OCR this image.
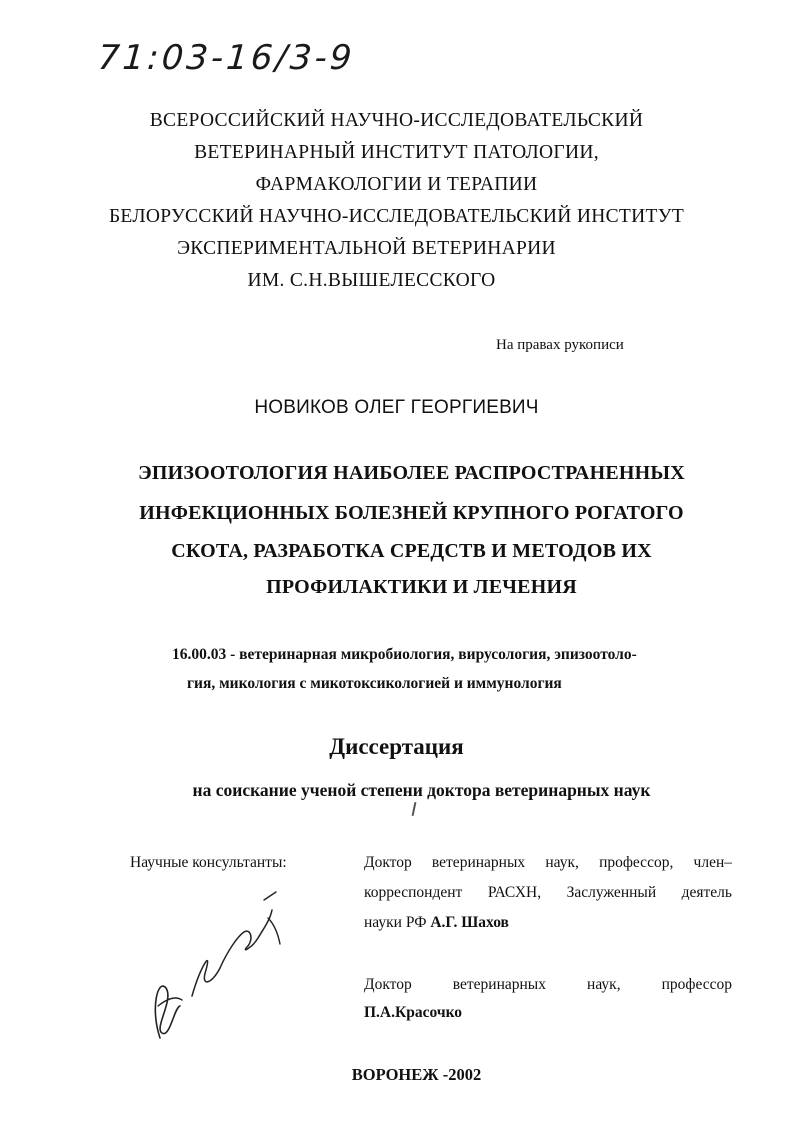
71:03-16/3-9
ВСЕРОССИЙСКИЙ НАУЧНО-ИССЛЕДОВАТЕЛЬСКИЙ
ВЕТЕРИНАРНЫЙ ИНСТИТУТ ПАТОЛОГИИ,
ФАРМАКОЛОГИИ И ТЕРАПИИ
БЕЛОРУССКИЙ НАУЧНО-ИССЛЕДОВАТЕЛЬСКИЙ ИНСТИТУТ
ЭКСПЕРИМЕНТАЛЬНОЙ ВЕТЕРИНАРИИ
ИМ. С.Н.ВЫШЕЛЕССКОГО
На правах рукописи
НОВИКОВ ОЛЕГ ГЕОРГИЕВИЧ
ЭПИЗООТОЛОГИЯ НАИБОЛЕЕ РАСПРОСТРАНЕННЫХ
ИНФЕКЦИОННЫХ БОЛЕЗНЕЙ КРУПНОГО РОГАТОГО
СКОТА, РАЗРАБОТКА СРЕДСТВ И МЕТОДОВ ИХ
ПРОФИЛАКТИКИ И ЛЕЧЕНИЯ
16.00.03 - ветеринарная микробиология, вирусология, эпизоотоло-
гия, микология с микотоксикологией и иммунология
Диссертация
на соискание ученой степени доктора ветеринарных наук
Научные консультанты:	Доктор ветеринарных наук, профессор, член–
корреспондент РАСХН, Заслуженный деятель
науки РФ А.Г. Шахов
Доктор ветеринарных наук, профессор
П.А.Красочко
ВОРОНЕЖ -2002
